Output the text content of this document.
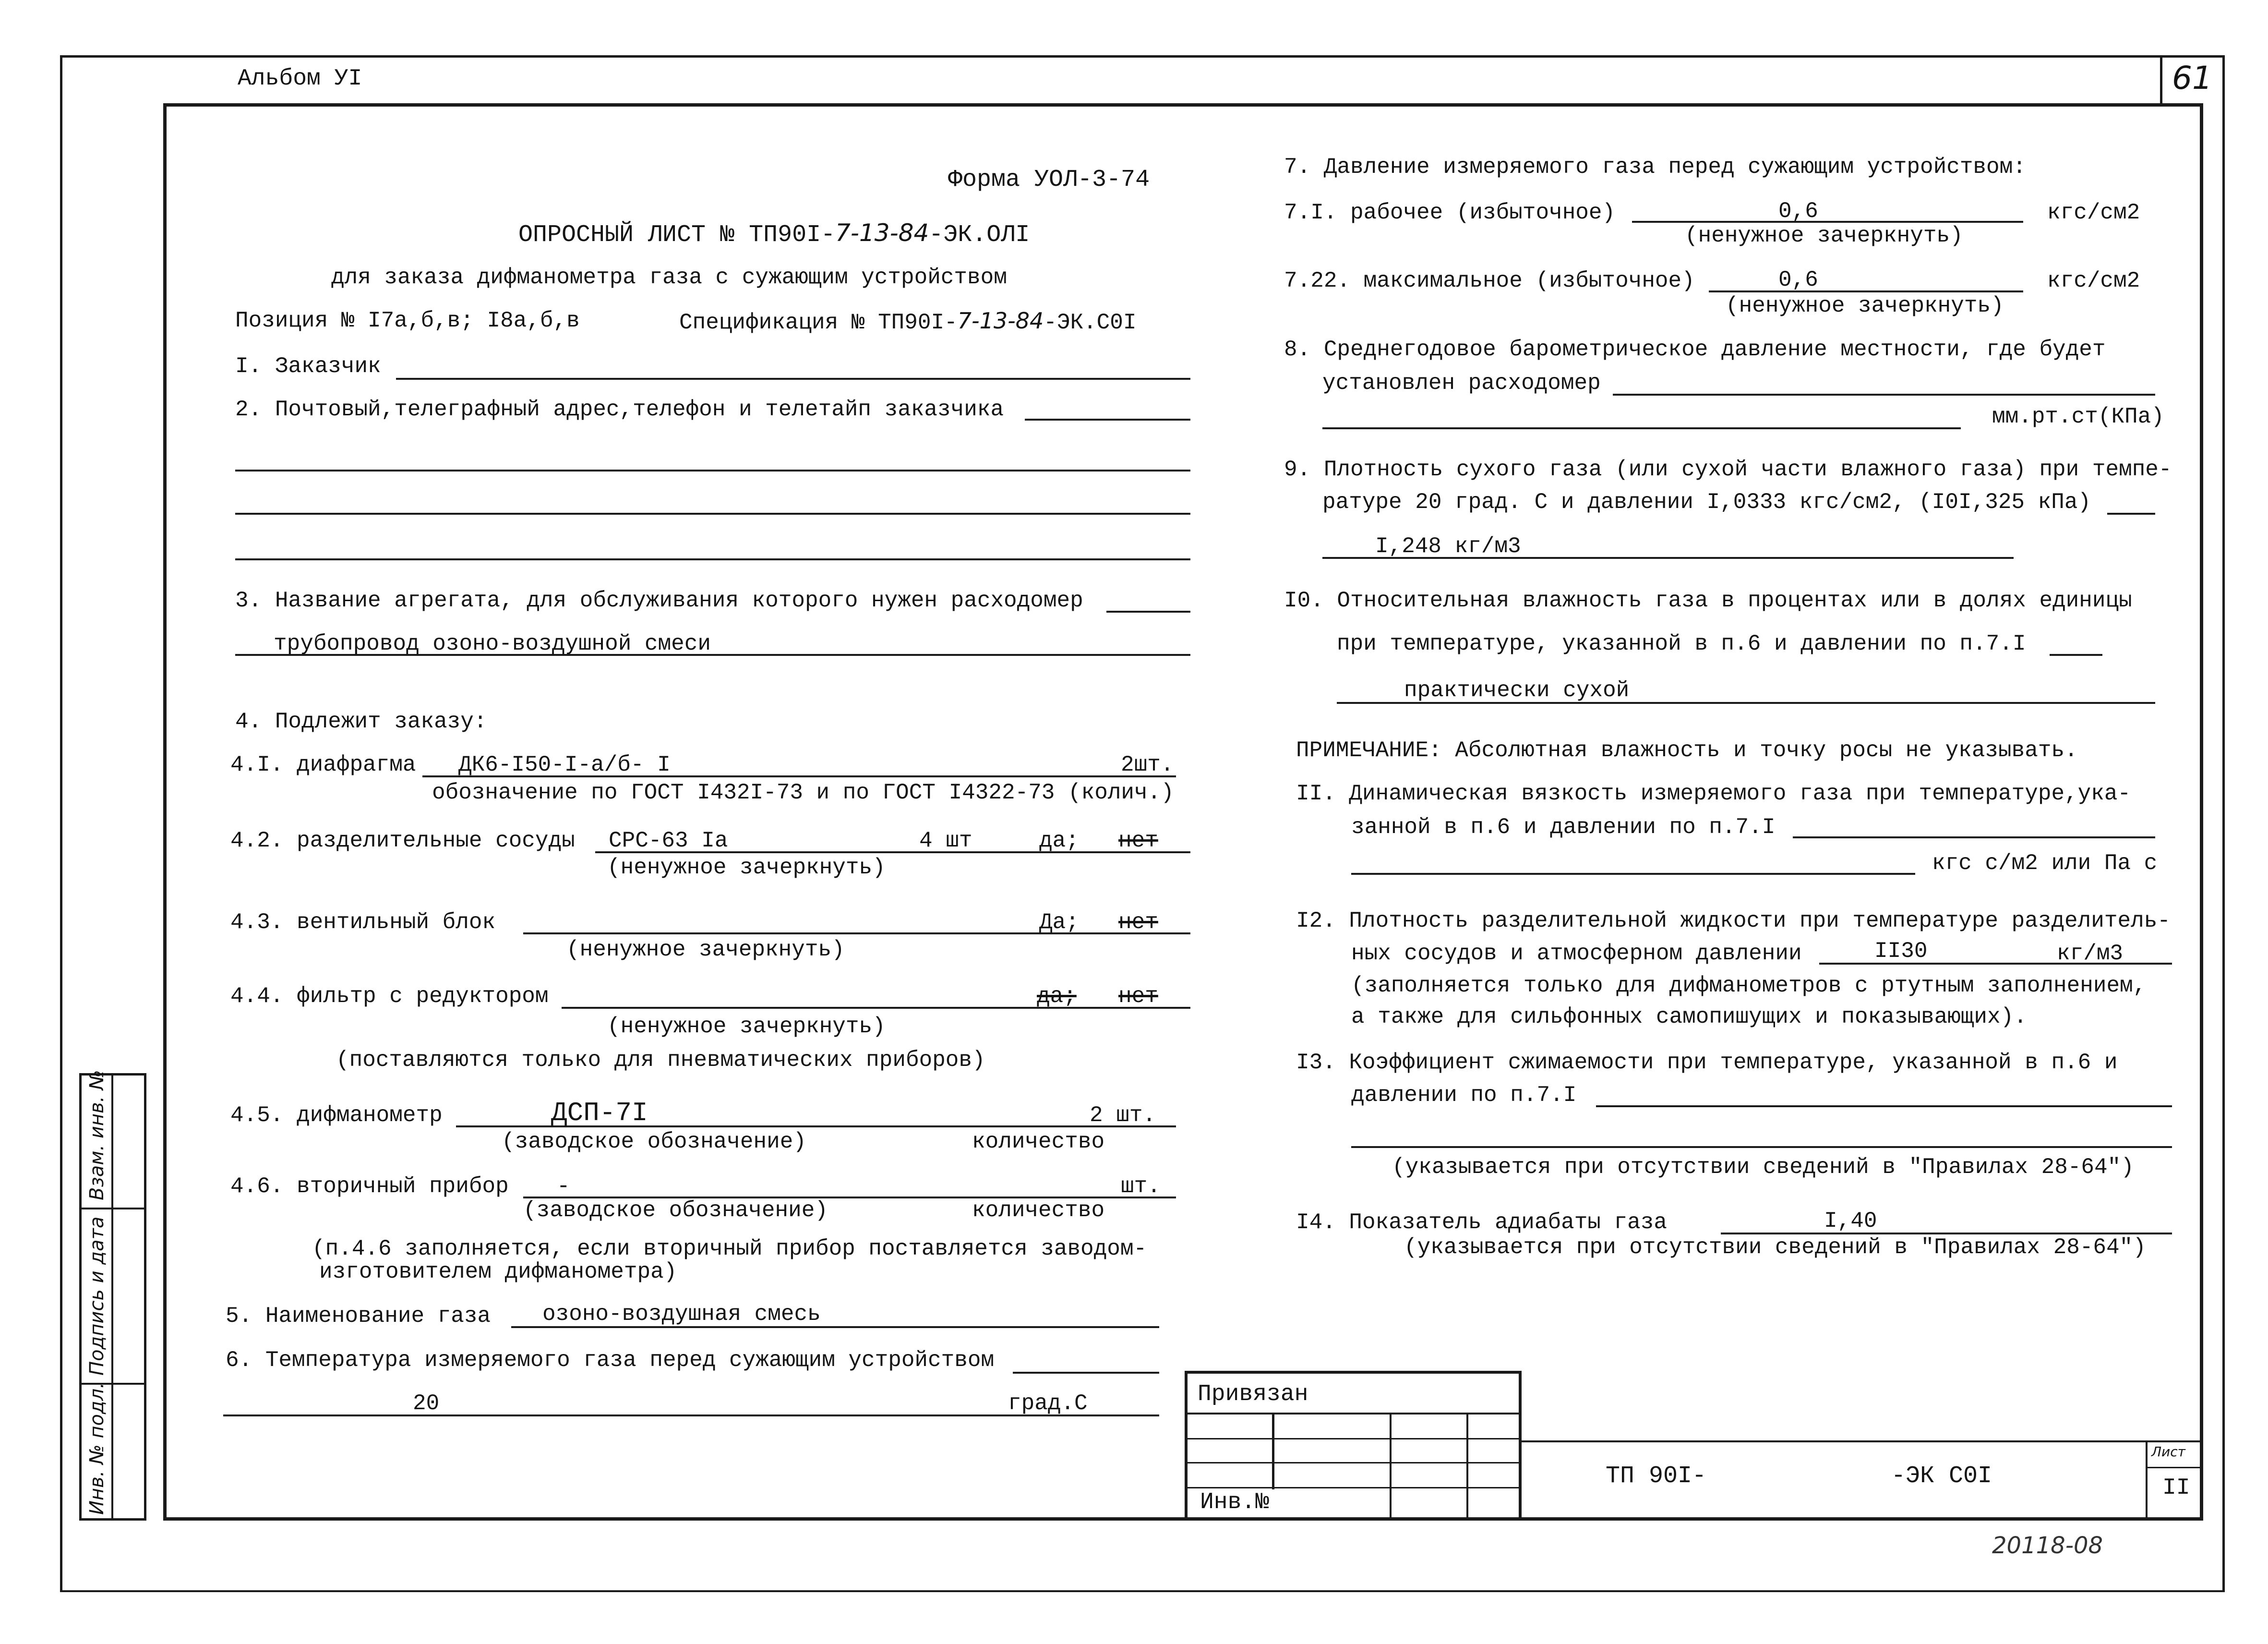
Альбом УI	61
Инв. № подл.
Подпись и дата
Взам. инв. №
Форма УОЛ-3-74
ОПРОСНЫЙ ЛИСТ № ТП90I-7-13-84-ЭК.ОЛI
для заказа дифманометра газа с сужающим устройством
Позиция № I7а,б,в; I8а,б,в	Спецификация № ТП90I-7-13-84-ЭК.С0I
I. Заказчик
2. Почтовый,телеграфный адрес,телефон и телетайп заказчика
3. Название агрегата, для обслуживания которого нужен расходомер
трубопровод озоно-воздушной смеси
4. Подлежит заказу:
4.I. диафрагма ДК6-I50-I-а/б- I	2шт.
обозначение по ГОСТ I432I-73 и по ГОСТ I4322-73 (колич.)
4.2. разделительные сосуды СРС-63 Iа	4 шт	да; нет
(ненужное зачеркнуть)
4.3. вентильный блок	Да; нет
(ненужное зачеркнуть)
4.4. фильтр с редуктором	да; нет
(ненужное зачеркнуть)
(поставляются только для пневматических приборов)
4.5. дифманометр	ДСП-7I	2 шт.
(заводское обозначение)	количество
4.6. вторичный прибор -	шт.
(заводское обозначение)	количество
(п.4.6 заполняется, если вторичный прибор поставляется заводом-
изготовителем дифманометра)
5. Наименование газа озоно-воздушная смесь
6. Температура измеряемого газа перед сужающим устройством
20	град.С
7. Давление измеряемого газа перед сужающим устройством:
7.I. рабочее (избыточное)	0,6	кгс/см2
(ненужное зачеркнуть)
7.22. максимальное (избыточное)	0,6	кгс/см2
(ненужное зачеркнуть)
8. Среднегодовое барометрическое давление местности, где будет
установлен расходомер
мм.рт.ст(КПа)
9. Плотность сухого газа (или сухой части влажного газа) при темпе-
ратуре 20 град. С и давлении I,0333 кгс/см2, (I0I,325 кПа)
I,248 кг/м3
I0. Относительная влажность газа в процентах или в долях единицы
при температуре, указанной в п.6 и давлении по п.7.I
практически сухой
ПРИМЕЧАНИЕ: Абсолютная влажность и точку росы не указывать.
II. Динамическая вязкость измеряемого газа при температуре,ука-
занной в п.6 и давлении по п.7.I
кгс с/м2 или Па с
I2. Плотность разделительной жидкости при температуре разделитель-
ных сосудов и атмосферном давлении	II30	кг/м3
(заполняется только для дифманометров с ртутным заполнением,
а также для сильфонных самопишущих и показывающих).
I3. Коэффициент сжимаемости при температуре, указанной в п.6 и
давлении по п.7.I
(указывается при отсутствии сведений в "Правилах 28-64")
I4. Показатель адиабаты газа	I,40
(указывается при отсутствии сведений в "Правилах 28-64")
Привязан
Инв.№
ТП 90I-	-ЭК С0I
Лист
II
20118-08
